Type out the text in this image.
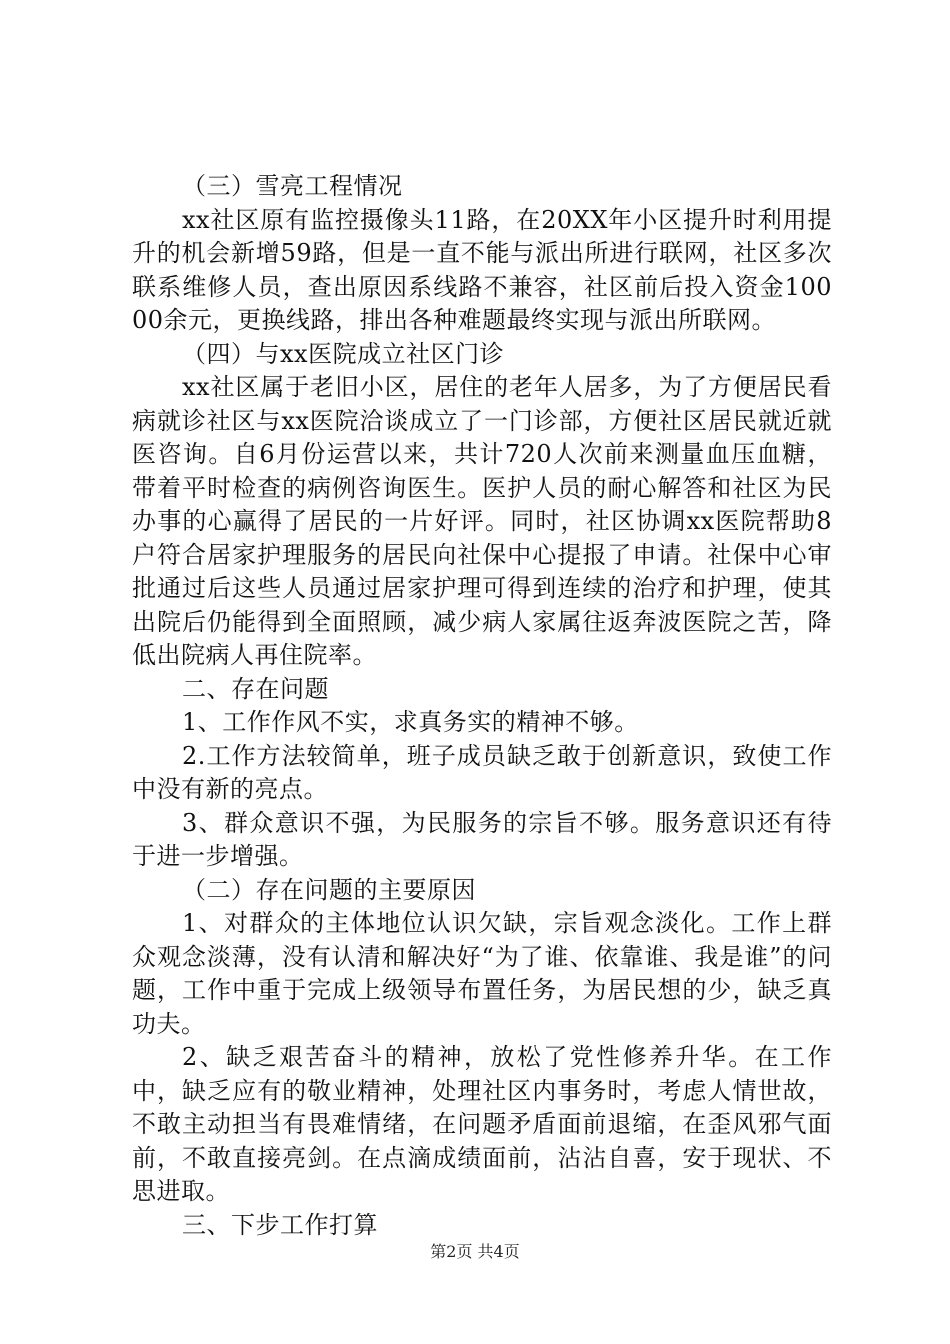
（三）雪亮工程情况

xx社区原有监控摄像头11路，在20XX年小区提升时利用提升的机会新增59路，但是一直不能与派出所进行联网，社区多次联系维修人员，查出原因系线路不兼容，社区前后投入资金10000余元，更换线路，排出各种难题最终实现与派出所联网。

（四）与xx医院成立社区门诊

xx社区属于老旧小区，居住的老年人居多，为了方便居民看病就诊社区与xx医院洽谈成立了一门诊部，方便社区居民就近就医咨询。自6月份运营以来，共计720人次前来测量血压血糖，带着平时检查的病例咨询医生。医护人员的耐心解答和社区为民办事的心赢得了居民的一片好评。同时，社区协调xx医院帮助8户符合居家护理服务的居民向社保中心提报了申请。社保中心审批通过后这些人员通过居家护理可得到连续的治疗和护理，使其出院后仍能得到全面照顾，减少病人家属往返奔波医院之苦，降低出院病人再住院率。

二、存在问题

1、工作作风不实，求真务实的精神不够。

2.工作方法较简单，班子成员缺乏敢于创新意识，致使工作中没有新的亮点。

3、群众意识不强，为民服务的宗旨不够。服务意识还有待于进一步增强。

（二）存在问题的主要原因

1、对群众的主体地位认识欠缺，宗旨观念淡化。工作上群众观念淡薄，没有认清和解决好“为了谁、依靠谁、我是谁”的问题，工作中重于完成上级领导布置任务，为居民想的少，缺乏真功夫。

2、缺乏艰苦奋斗的精神，放松了党性修养升华。在工作中，缺乏应有的敬业精神，处理社区内事务时，考虑人情世故，不敢主动担当有畏难情绪，在问题矛盾面前退缩，在歪风邪气面前，不敢直接亮剑。在点滴成绩面前，沾沾自喜，安于现状、不思进取。

三、下步工作打算

第2页 共4页
